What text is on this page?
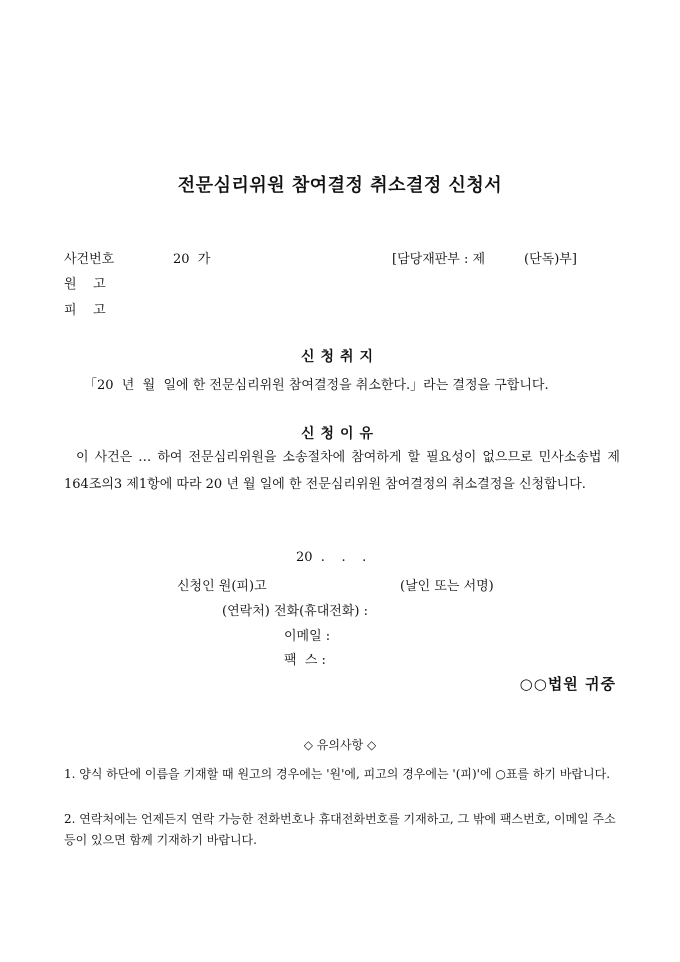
전문심리위원 참여결정 취소결정 신청서
사건번호	20  가	[담당재판부 : 제	(단독)부]
원    고
피    고
신청취지
「20  년  월  일에 한 전문심리위원 참여결정을 취소한다.」라는 결정을 구합니다.
신청이유
이 사건은 … 하여 전문심리위원을 소송절차에 참여하게 할 필요성이 없으므로 민사소송법 제164조의3 제1항에 따라 20 년 월 일에 한 전문심리위원 참여결정의 취소결정을 신청합니다.
20  .    .    .
신청인 원(피)고	(날인 또는 서명)
(연락처) 전화(휴대전화) :
이메일 :
팩  스 :
○○법원 귀중
◇ 유의사항 ◇
1. 양식 하단에 이름을 기재할 때 원고의 경우에는 '원'에, 피고의 경우에는 '(피)'에 ○표를 하기 바랍니다.
2. 연락처에는 언제든지 연락 가능한 전화번호나 휴대전화번호를 기재하고, 그 밖에 팩스번호, 이메일 주소 등이 있으면 함께 기재하기 바랍니다.
